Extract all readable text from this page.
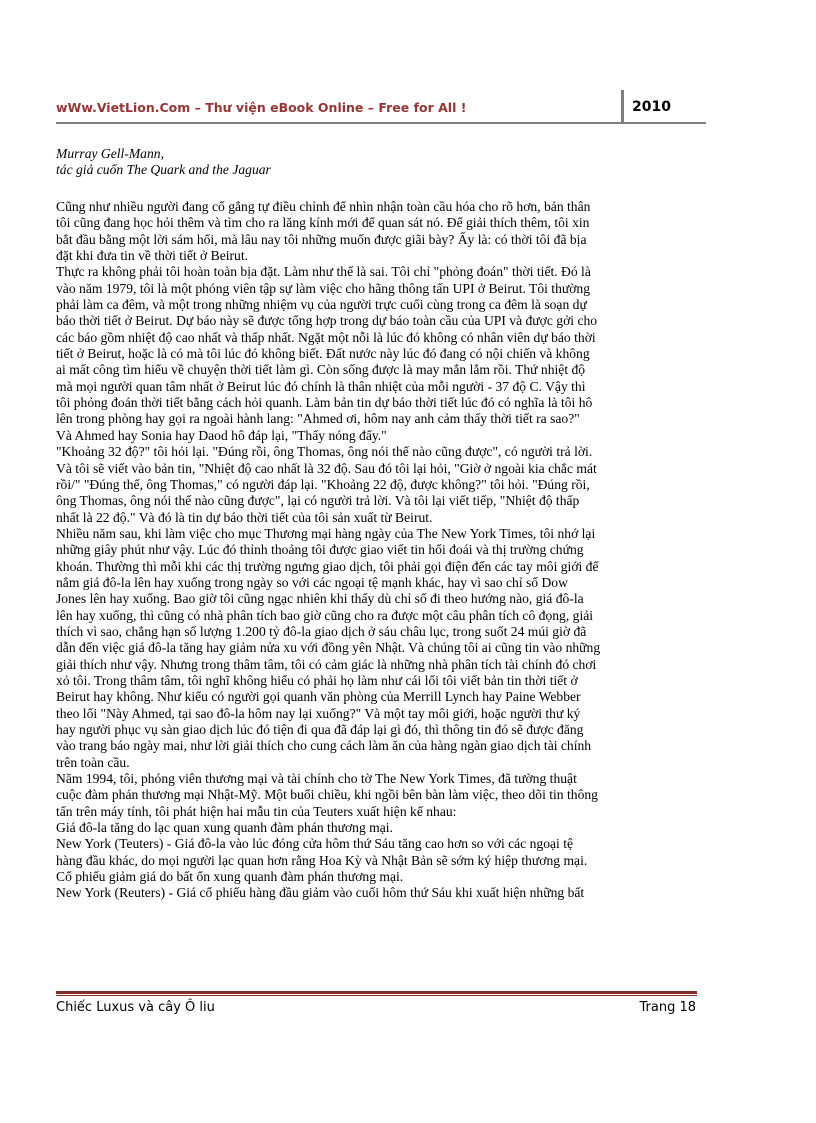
wWw.VietLion.Com – Thư viện eBook Online – Free for All !	2010
Murray Gell-Mann,
tác giả cuốn The Quark and the Jaguar
Cũng như nhiều người đang cố gắng tự điều chỉnh để nhìn nhận toàn cầu hóa cho rõ hơn, bản thân
tôi cũng đang học hỏi thêm và tìm cho ra lăng kính mới để quan sát nó. Để giải thích thêm, tôi xin
bắt đầu bằng một lời sám hối, mà lâu nay tôi những muốn được giãi bày? Ấy là: có thời tôi đã bịa
đặt khi đưa tin về thời tiết ở Beirut.
Thực ra không phải tôi hoàn toàn bịa đặt. Làm như thế là sai. Tôi chỉ "phỏng đoán" thời tiết. Đó là
vào năm 1979, tôi là một phóng viên tập sự làm việc cho hãng thông tấn UPI ở Beirut. Tôi thường
phải làm ca đêm, và một trong những nhiệm vụ của người trực cuối cùng trong ca đêm là soạn dự
báo thời tiết ở Beirut. Dự báo này sẽ được tổng hợp trong dự báo toàn cầu của UPI và được gởi cho
các báo gồm nhiệt độ cao nhất và thấp nhất. Ngặt một nỗi là lúc đó không có nhân viên dự báo thời
tiết ở Beirut, hoặc là có mà tôi lúc đó không biết. Đất nước này lúc đó đang có nội chiến và không
ai mất công tìm hiểu về chuyện thời tiết làm gì. Còn sống được là may mắn lắm rồi. Thứ nhiệt độ
mà mọi người quan tâm nhất ở Beirut lúc đó chính là thân nhiệt của mỗi người - 37 độ C. Vậy thì
tôi phỏng đoán thời tiết bằng cách hỏi quanh. Làm bản tin dự báo thời tiết lúc đó có nghĩa là tôi hô
lên trong phòng hay gọi ra ngoài hành lang: "Ahmed ơi, hôm nay anh cảm thấy thời tiết ra sao?"
Và Ahmed hay Sonia hay Daod hô đáp lại, "Thấy nóng đấy."
"Khoảng 32 độ?" tôi hỏi lại. "Đúng rồi, ông Thomas, ông nói thế nào cũng được", có người trả lời.
Và tôi sẽ viết vào bản tin, "Nhiệt độ cao nhất là 32 độ. Sau đó tôi lại hỏi, "Giờ ở ngoài kia chắc mát
rồi/" "Đúng thế, ông Thomas," có người đáp lại. "Khoảng 22 độ, được không?" tôi hỏi. "Đúng rồi,
ông Thomas, ông nói thế nào cũng được", lại có người trả lời. Và tôi lại viết tiếp, "Nhiệt độ thấp
nhất là 22 độ." Và đó là tin dự báo thời tiết của tôi sản xuất từ Beirut.
Nhiều năm sau, khi làm việc cho mục Thương mại hàng ngày của The New York Times, tôi nhớ lại
những giây phút như vậy. Lúc đó thỉnh thoảng tôi được giao viết tin hối đoái và thị trường chứng
khoán. Thường thì mỗi khi các thị trường ngưng giao dịch, tôi phải gọi điện đến các tay môi giới để
nắm giá đô-la lên hay xuống trong ngày so với các ngoại tệ mạnh khác, hay vì sao chỉ số Dow
Jones lên hay xuống. Bao giờ tôi cũng ngạc nhiên khi thấy dù chỉ số đi theo hướng nào, giá đô-la
lên hay xuống, thì cũng có nhà phân tích bao giờ cũng cho ra được một câu phân tích cô đọng, giải
thích vì sao, chẳng hạn số lượng 1.200 tỷ đô-la giao dịch ở sáu châu lục, trong suốt 24 múi giờ đã
dẫn đến việc giá đô-la tăng hay giảm nửa xu với đồng yên Nhật. Và chúng tôi ai cũng tin vào những
giải thích như vậy. Nhưng trong thâm tâm, tôi có cảm giác là những nhà phân tích tài chính đó chơi
xỏ tôi. Trong thâm tâm, tôi nghĩ không hiểu có phải họ làm như cái lối tôi viết bản tin thời tiết ở
Beirut hay không. Như kiểu có người gọi quanh văn phòng của Merrill Lynch hay Paine Webber
theo lối "Này Ahmed, tại sao đô-la hôm nay lại xuống?" Và một tay môi giới, hoặc người thư ký
hay người phục vụ sàn giao dịch lúc đó tiện đi qua đã đáp lại gì đó, thì thông tin đó sẽ được đăng
vào trang báo ngày mai, như lời giải thích cho cung cách làm ăn của hàng ngàn giao dịch tài chính
trên toàn cầu.
Năm 1994, tôi, phóng viên thương mại và tài chính cho tờ The New York Times, đã tường thuật
cuộc đàm phán thương mại Nhật-Mỹ. Một buổi chiều, khi ngồi bên bàn làm việc, theo dõi tin thông
tấn trên máy tính, tôi phát hiện hai mẫu tin của Teuters xuất hiện kế nhau:
Giá đô-la tăng do lạc quan xung quanh đàm phán thương mại.
New York (Teuters) - Giá đô-la vào lúc đóng cửa hôm thứ Sáu tăng cao hơn so với các ngoại tệ
hàng đầu khác, do mọi người lạc quan hơn rằng Hoa Kỳ và Nhật Bản sẽ sớm ký hiệp thương mại.
Cổ phiếu giảm giá do bất ổn xung quanh đàm phán thương mại.
New York (Reuters) - Giá cổ phiếu hàng đầu giảm vào cuối hôm thứ Sáu khi xuất hiện những bất
Chiếc Luxus và cây Ô liu	Trang 18
